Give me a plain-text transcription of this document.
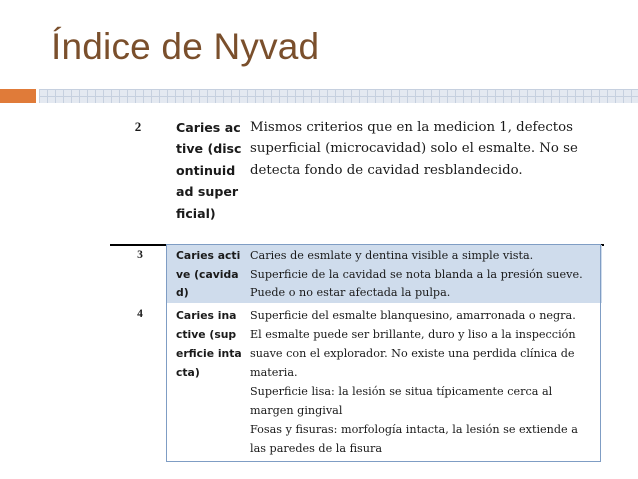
Índice de Nyvad
2	Caries active (discontinuidad superficial)
Mismos criterios que en la medicion 1, defectos superficial (microcavidad) solo el esmalte. No se detecta fondo de cavidad resblandecido.
3	Caries active (cavidad)
Caries de esmlate y dentina visible a simple vista.
Superficie de la cavidad se nota blanda a la presión sueve.
Puede o no estar afectada la pulpa.
4	Caries inactive (superficie intacta)
Superficie del esmalte blanquesino, amarronada o negra.
El esmalte puede ser brillante, duro y liso a la inspección
suave con el explorador. No existe una perdida clínica de
materia.
Superficie lisa: la lesión se situa típicamente cerca al
margen gingival
Fosas y fisuras: morfología intacta, la lesión se extiende a
las paredes de la fisura
